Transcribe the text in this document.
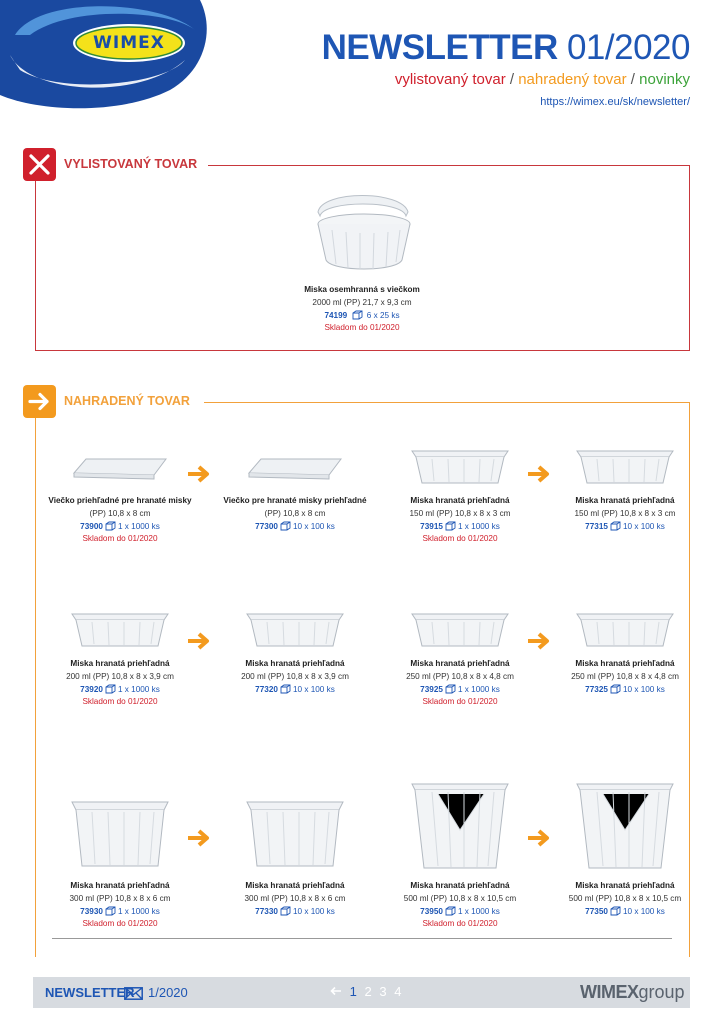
WIMEX	NEWSLETTER 01/2020
vylistovaný tovar / nahradený tovar / novinky
https://wimex.eu/sk/newsletter/
VYLISTOVANÝ TOVAR
Miska osemhranná s viečkom
2000 ml (PP) 21,7 x 9,3 cm
74199 6 x 25 ks
Skladom do 01/2020
NAHRADENÝ TOVAR
Viečko priehľadné pre hranaté misky
(PP) 10,8 x 8 cm
73900 1 x 1000 ks
Skladom do 01/2020
Viečko pre hranaté misky priehľadné
(PP) 10,8 x 8 cm
77300 10 x 100 ks
Miska hranatá priehľadná
150 ml (PP) 10,8 x 8 x 3 cm
73915 1 x 1000 ks
Skladom do 01/2020
Miska hranatá priehľadná
150 ml (PP) 10,8 x 8 x 3 cm
77315 10 x 100 ks
Miska hranatá priehľadná
200 ml (PP) 10,8 x 8 x 3,9 cm
73920 1 x 1000 ks
Skladom do 01/2020
Miska hranatá priehľadná
200 ml (PP) 10,8 x 8 x 3,9 cm
77320 10 x 100 ks
Miska hranatá priehľadná
250 ml (PP) 10,8 x 8 x 4,8 cm
73925 1 x 1000 ks
Skladom do 01/2020
Miska hranatá priehľadná
250 ml (PP) 10,8 x 8 x 4,8 cm
77325 10 x 100 ks
Miska hranatá priehľadná
300 ml (PP) 10,8 x 8 x 6 cm
73930 1 x 1000 ks
Skladom do 01/2020
Miska hranatá priehľadná
300 ml (PP) 10,8 x 8 x 6 cm
77330 10 x 100 ks
Miska hranatá priehľadná
500 ml (PP) 10,8 x 8 x 10,5 cm
73950 1 x 1000 ks
Skladom do 01/2020
Miska hranatá priehľadná
500 ml (PP) 10,8 x 8 x 10,5 cm
77350 10 x 100 ks
NEWSLETTER 1/2020	1 2 3 4	WIMEXgroup
